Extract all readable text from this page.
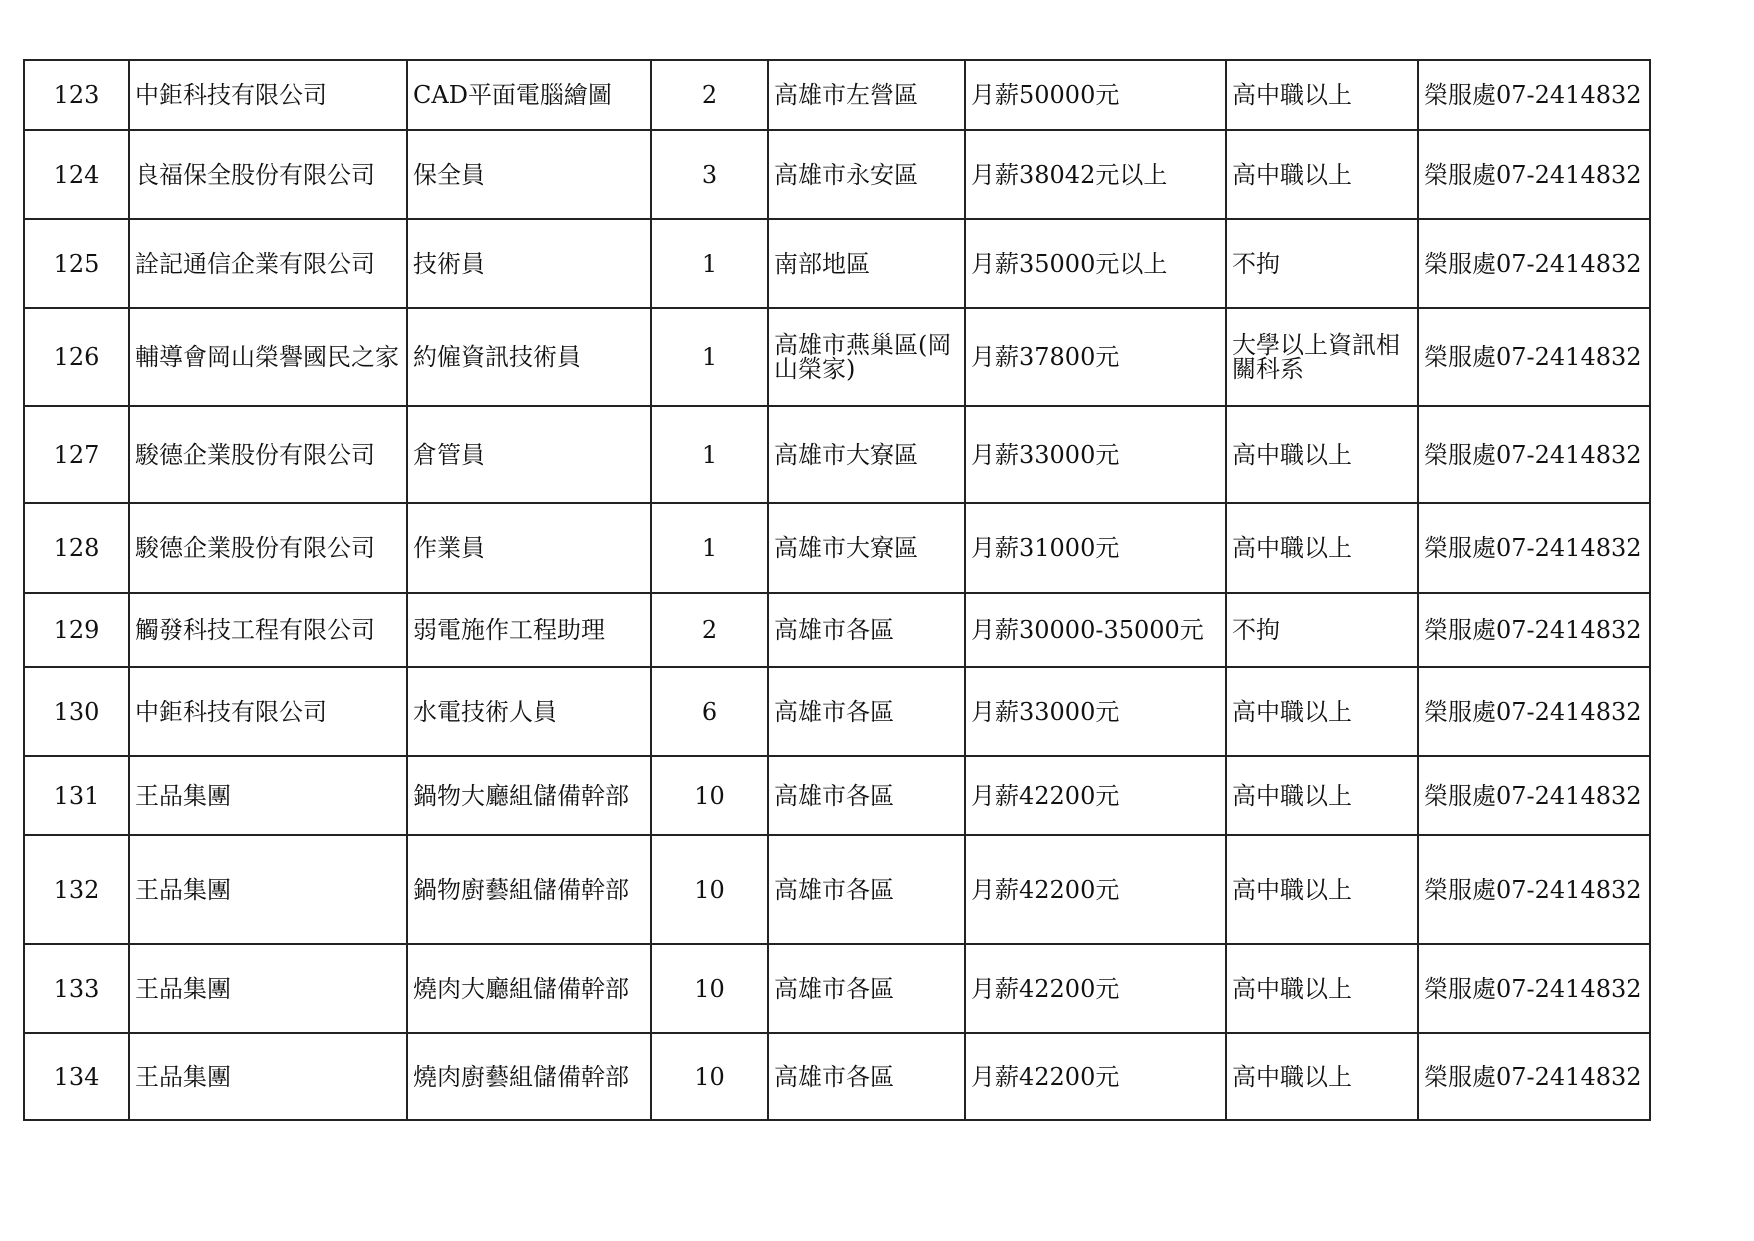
123	中鉅科技有限公司	CAD平面電腦繪圖	2	高雄市左營區	月薪50000元	高中職以上	榮服處07-2414832
124	良福保全股份有限公司	保全員	3	高雄市永安區	月薪38042元以上	高中職以上	榮服處07-2414832
125	詮記通信企業有限公司	技術員	1	南部地區	月薪35000元以上	不拘	榮服處07-2414832
126	輔導會岡山榮譽國民之家	約僱資訊技術員	1	高雄市燕巢區(岡山榮家)	月薪37800元	大學以上資訊相關科系	榮服處07-2414832
127	駿德企業股份有限公司	倉管員	1	高雄市大寮區	月薪33000元	高中職以上	榮服處07-2414832
128	駿德企業股份有限公司	作業員	1	高雄市大寮區	月薪31000元	高中職以上	榮服處07-2414832
129	觸發科技工程有限公司	弱電施作工程助理	2	高雄市各區	月薪30000-35000元	不拘	榮服處07-2414832
130	中鉅科技有限公司	水電技術人員	6	高雄市各區	月薪33000元	高中職以上	榮服處07-2414832
131	王品集團	鍋物大廳組儲備幹部	10	高雄市各區	月薪42200元	高中職以上	榮服處07-2414832
132	王品集團	鍋物廚藝組儲備幹部	10	高雄市各區	月薪42200元	高中職以上	榮服處07-2414832
133	王品集團	燒肉大廳組儲備幹部	10	高雄市各區	月薪42200元	高中職以上	榮服處07-2414832
134	王品集團	燒肉廚藝組儲備幹部	10	高雄市各區	月薪42200元	高中職以上	榮服處07-2414832
